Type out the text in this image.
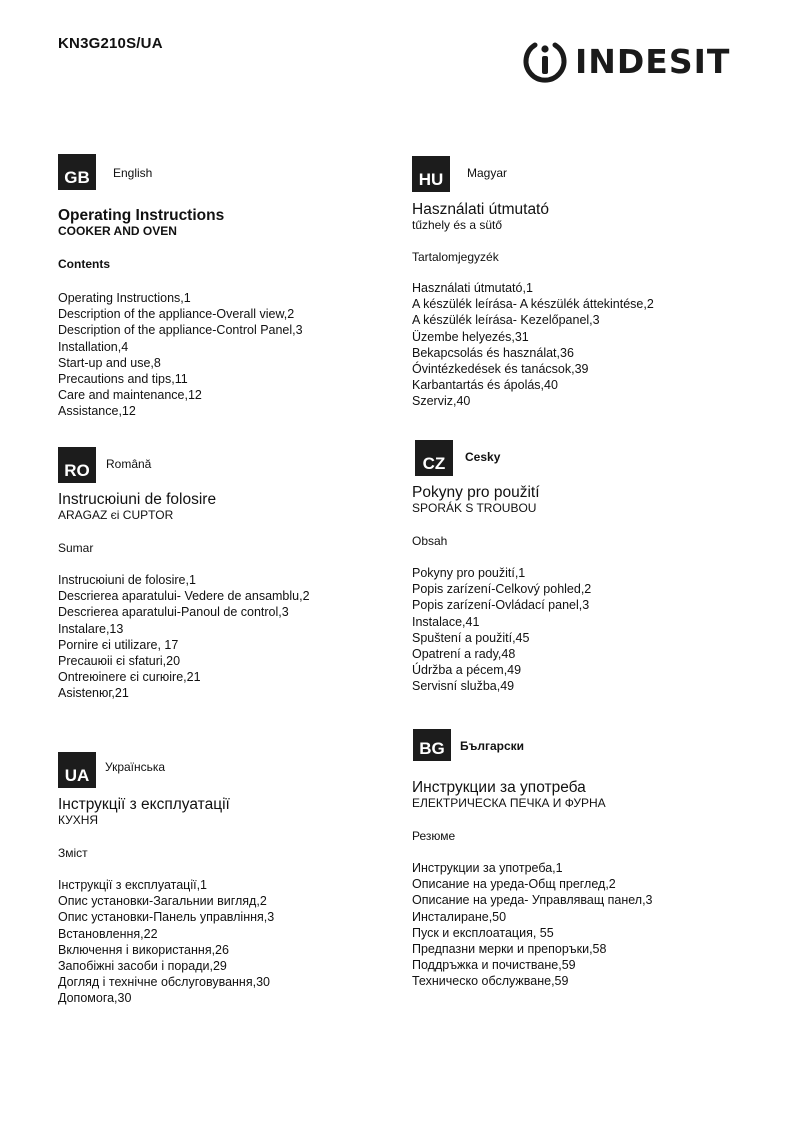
KN3G210S/UA	INDESIT
GB	English
Operating Instructions
COOKER AND OVEN
Contents
Operating Instructions,1
Description of the appliance-Overall view,2
Description of the appliance-Control Panel,3
Installation,4
Start-up and use,8
Precautions and tips,11
Care and maintenance,12
Assistance,12
RO	Română
Instrucюiuni de folosire
ARAGAZ єi CUPTOR
Sumar
Instrucюiuni de folosire,1
Descrierea aparatului- Vedere de ansamblu,2
Descrierea aparatului-Panoul de control,3
Instalare,13
Pornire єi utilizare, 17
Precauюii єi sfaturi,20
Ontreюinere єi curюire,21
Asistenюг,21
UA	Українська
Інструкції з експлуатації
КУХНЯ
Зміст
Інструкції з експлуатації,1
Опис установки-Загальнии вигляд,2
Опис установки-Панель управління,3
Встановлення,22
Включення і використання,26
Запобіжні засоби і поради,29
Догляд і технічне обслуговування,30
Допомога,30
HU	Magyar
Használati útmutató
tűzhely és a sütő
Tartalomjegyzék
Használati útmutató,1
A készülék leírása- A készülék áttekintése,2
A készülék leírása- Kezelőpanel,3
Üzembe helyezés,31
Bekapcsolás és használat,36
Óvintézkedések és tanácsok,39
Karbantartás és ápolás,40
Szerviz,40
CZ	Cesky
Pokyny pro použití
SPORÁK S TROUBOU
Obsah
Pokyny pro použití,1
Popis zarízení-Celkový pohled,2
Popis zarízení-Ovládací panel,3
Instalace,41
Spuštení a použití,45
Opatrení a rady,48
Údržba a pécem,49
Servisní služba,49
BG	Български
Инструкции за употреба
ЕЛЕКТРИЧЕСКА ПЕЧКА И ФУРНА
Резюме
Инструкции за употреба,1
Описание на уреда-Общ преглед,2
Описание на уреда- Управляващ панел,3
Инсталиране,50
Пуск и експлоатация, 55
Предпазни мерки и препоръки,58
Поддръжка и почистване,59
Техническо обслужване,59
